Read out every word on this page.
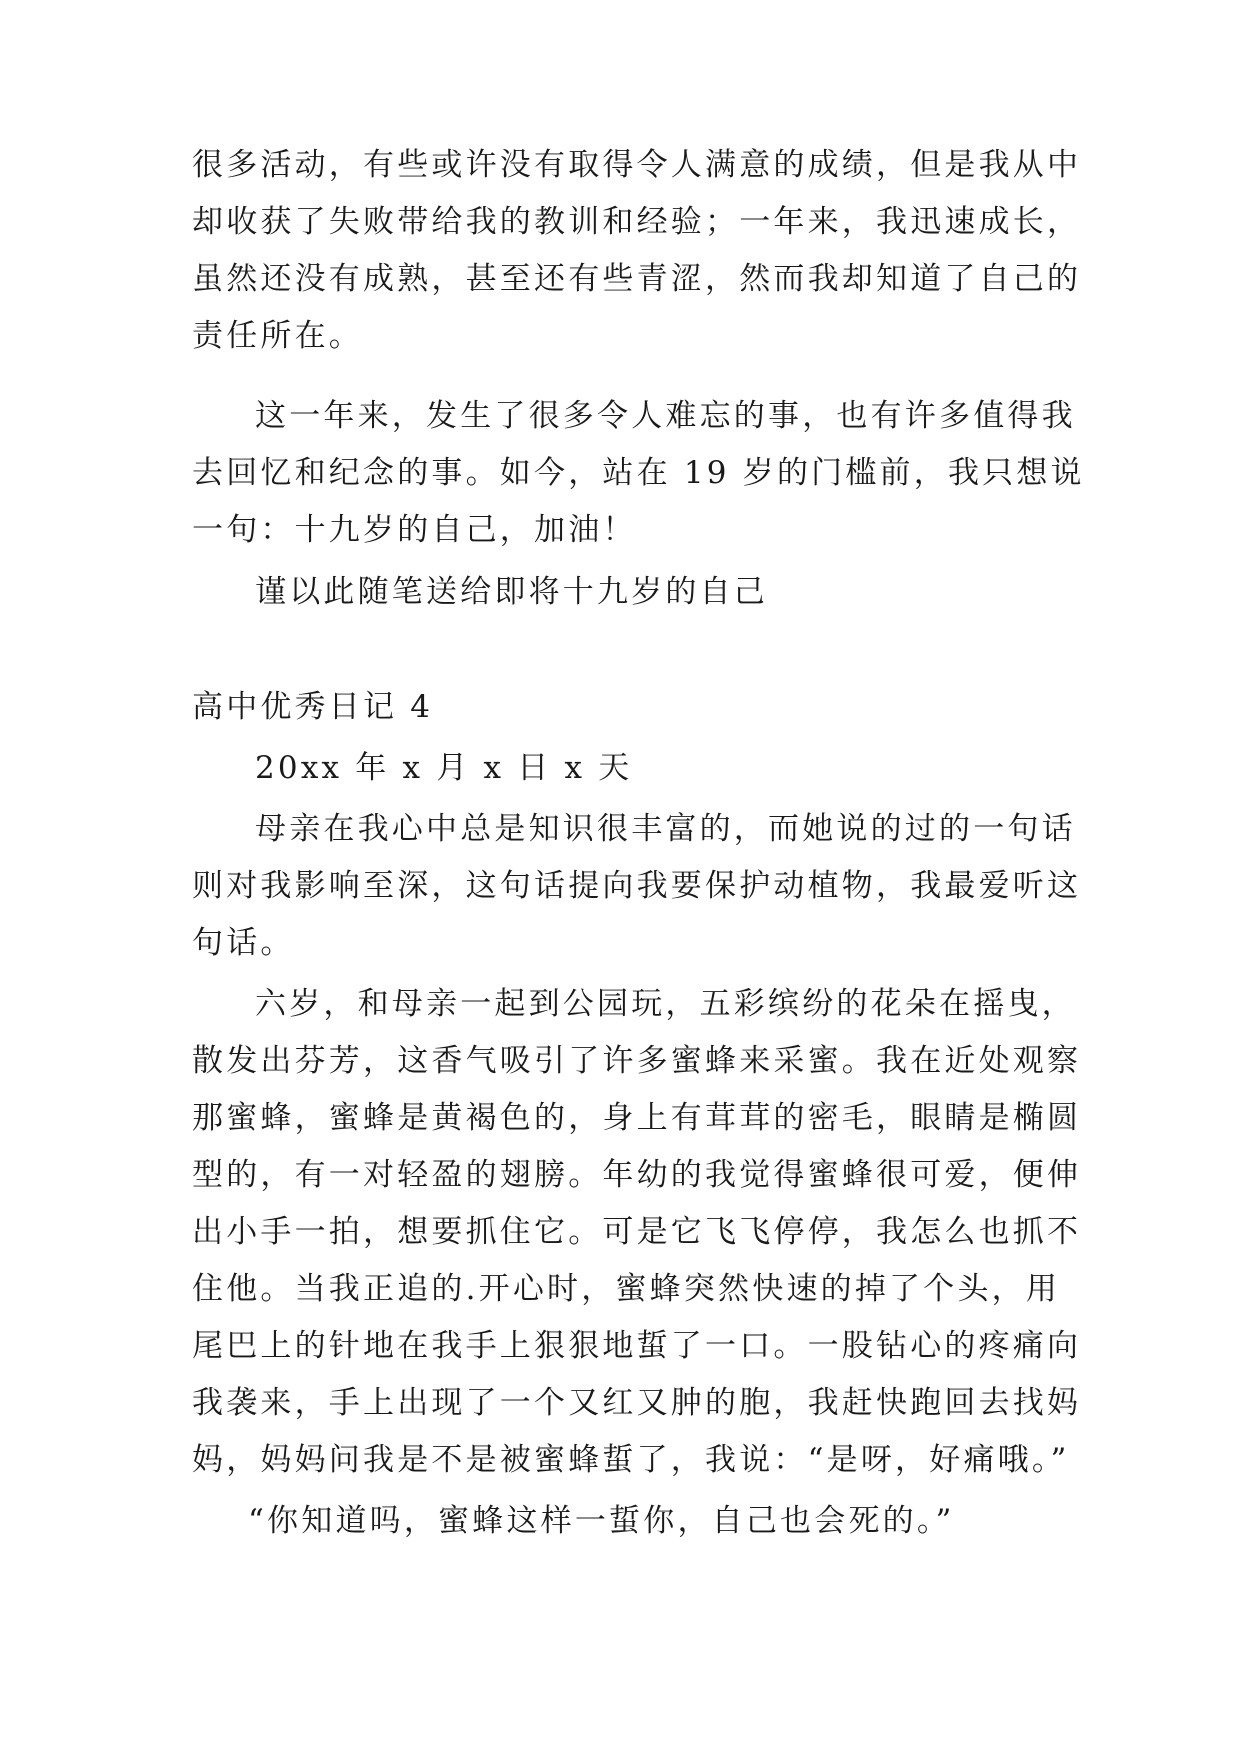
很多活动，有些或许没有取得令人满意的成绩，但是我从中
却收获了失败带给我的教训和经验；一年来，我迅速成长，
虽然还没有成熟，甚至还有些青涩，然而我却知道了自己的
责任所在。
这一年来，发生了很多令人难忘的事，也有许多值得我
去回忆和纪念的事。如今，站在 19 岁的门槛前，我只想说
一句：十九岁的自己，加油！
谨以此随笔送给即将十九岁的自己
高中优秀日记 4
20xx 年 x 月 x 日 x 天
母亲在我心中总是知识很丰富的，而她说的过的一句话
则对我影响至深，这句话提向我要保护动植物，我最爱听这
句话。
六岁，和母亲一起到公园玩，五彩缤纷的花朵在摇曳，
散发出芬芳，这香气吸引了许多蜜蜂来采蜜。我在近处观察
那蜜蜂，蜜蜂是黄褐色的，身上有茸茸的密毛，眼睛是椭圆
型的，有一对轻盈的翅膀。年幼的我觉得蜜蜂很可爱，便伸
出小手一拍，想要抓住它。可是它飞飞停停，我怎么也抓不
住他。当我正追的.开心时，蜜蜂突然快速的掉了个头，用
尾巴上的针地在我手上狠狠地蜇了一口。一股钻心的疼痛向
我袭来，手上出现了一个又红又肿的胞，我赶快跑回去找妈
妈，妈妈问我是不是被蜜蜂蜇了，我说：“是呀，好痛哦。”
“你知道吗，蜜蜂这样一蜇你，自己也会死的。”
